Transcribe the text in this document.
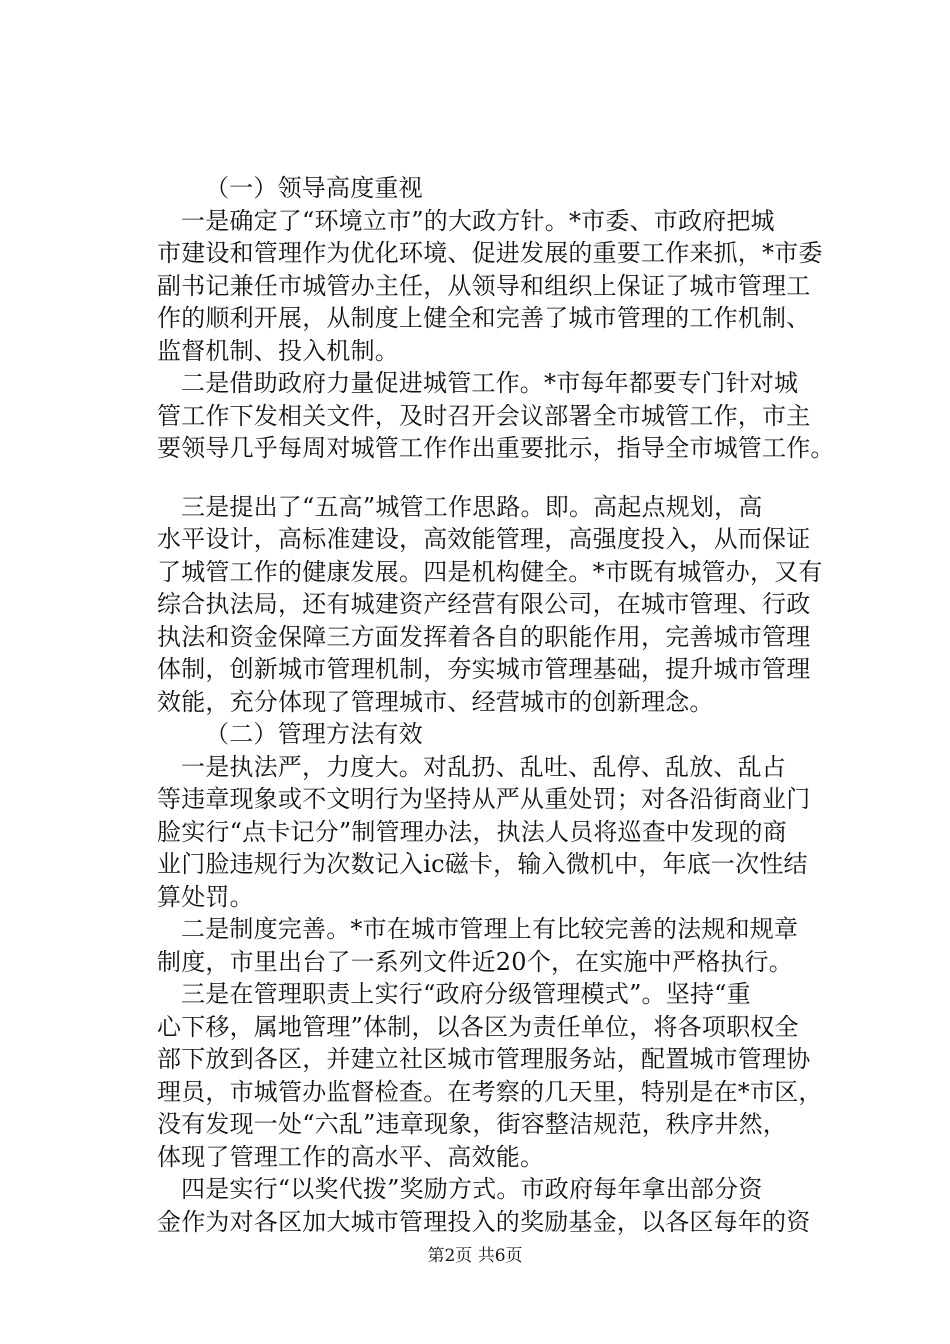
（一）领导高度重视
一是确定了“环境立市”的大政方针。*市委、市政府把城
市建设和管理作为优化环境、促进发展的重要工作来抓，*市委
副书记兼任市城管办主任，从领导和组织上保证了城市管理工
作的顺利开展，从制度上健全和完善了城市管理的工作机制、
监督机制、投入机制。
二是借助政府力量促进城管工作。*市每年都要专门针对城
管工作下发相关文件，及时召开会议部署全市城管工作，市主
要领导几乎每周对城管工作作出重要批示，指导全市城管工作。
三是提出了“五高”城管工作思路。即。高起点规划，高
水平设计，高标准建设，高效能管理，高强度投入，从而保证
了城管工作的健康发展。四是机构健全。*市既有城管办，又有
综合执法局，还有城建资产经营有限公司，在城市管理、行政
执法和资金保障三方面发挥着各自的职能作用，完善城市管理
体制，创新城市管理机制，夯实城市管理基础，提升城市管理
效能，充分体现了管理城市、经营城市的创新理念。
（二）管理方法有效
一是执法严，力度大。对乱扔、乱吐、乱停、乱放、乱占
等违章现象或不文明行为坚持从严从重处罚；对各沿街商业门
脸实行“点卡记分”制管理办法，执法人员将巡查中发现的商
业门脸违规行为次数记入ic磁卡，输入微机中，年底一次性结
算处罚。
二是制度完善。*市在城市管理上有比较完善的法规和规章
制度，市里出台了一系列文件近20个，在实施中严格执行。
三是在管理职责上实行“政府分级管理模式”。坚持“重
心下移，属地管理”体制，以各区为责任单位，将各项职权全
部下放到各区，并建立社区城市管理服务站，配置城市管理协
理员，市城管办监督检查。在考察的几天里，特别是在*市区，
没有发现一处“六乱”违章现象，街容整洁规范，秩序井然，
体现了管理工作的高水平、高效能。
四是实行“以奖代拨”奖励方式。市政府每年拿出部分资
金作为对各区加大城市管理投入的奖励基金，以各区每年的资
第2页 共6页
